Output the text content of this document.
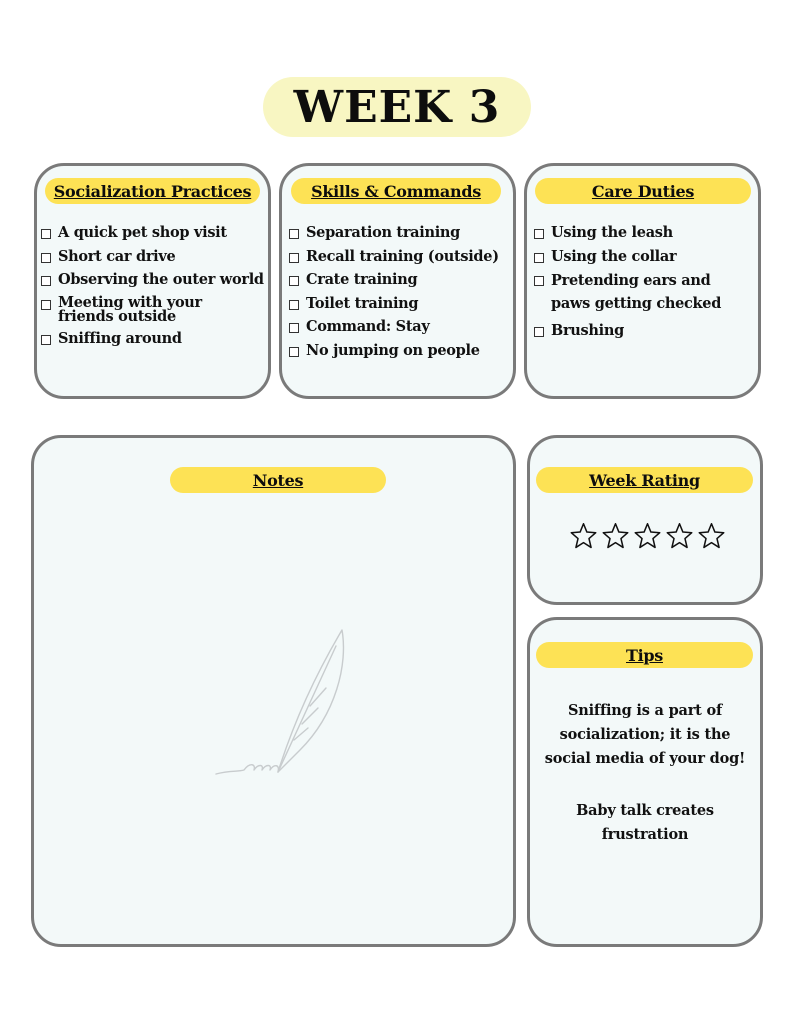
WEEK 3
Socialization Practices
A quick pet shop visit
Short car drive
Observing the outer world
Meeting with your friends outside
Sniffing around
Skills & Commands
Separation training
Recall training (outside)
Crate training
Toilet training
Command: Stay
No jumping on people
Care Duties
Using the leash
Using the collar
Pretending ears and paws getting checked
Brushing
Notes	Week Rating
Tips

Sniffing is a part of socialization; it is the social media of your dog!

Baby talk creates frustration
